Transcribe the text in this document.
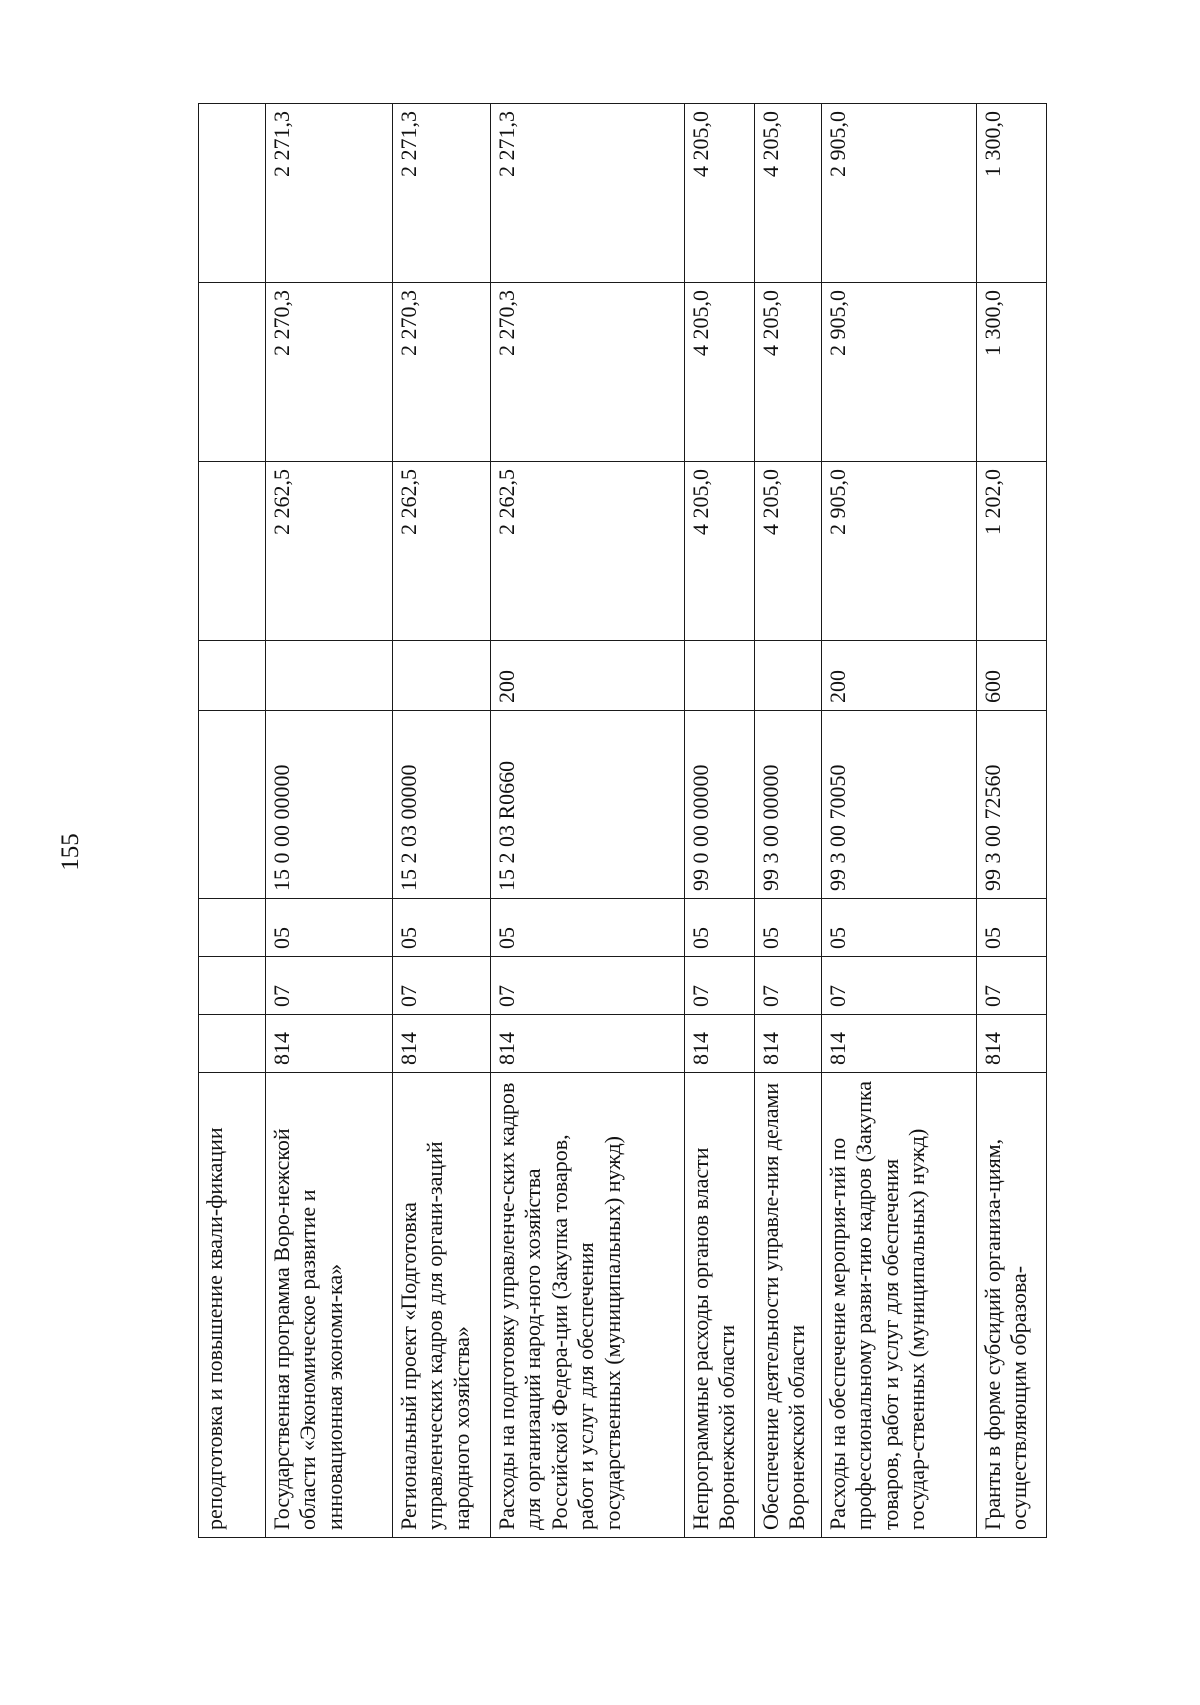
155
реподготовка и повышение квали-фикации								
Государственная программа Воро-нежской области «Экономическое развитие и инновационная экономи-ка»	814	07	05	15 0 00 00000		2 262,5	2 270,3	2 271,3
Региональный проект «Подготовка управленческих кадров для органи-заций народного хозяйства»	814	07	05	15 2 03 00000		2 262,5	2 270,3	2 271,3
Расходы на подготовку управленче-ских кадров для организаций народ-ного хозяйства Российской Федера-ции (Закупка товаров, работ и услуг для обеспечения государственных (муниципальных) нужд)	814	07	05	15 2 03 R0660	200	2 262,5	2 270,3	2 271,3
Непрограммные расходы органов власти Воронежской области	814	07	05	99 0 00 00000		4 205,0	4 205,0	4 205,0
Обеспечение деятельности управле-ния делами Воронежской области	814	07	05	99 3 00 00000		4 205,0	4 205,0	4 205,0
Расходы на обеспечение мероприя-тий по профессиональному разви-тию кадров (Закупка товаров, работ и услуг для обеспечения государ-ственных (муниципальных) нужд)	814	07	05	99 3 00 70050	200	2 905,0	2 905,0	2 905,0
Гранты в форме субсидий организа-циям, осуществляющим образова-	814	07	05	99 3 00 72560	600	1 202,0	1 300,0	1 300,0
